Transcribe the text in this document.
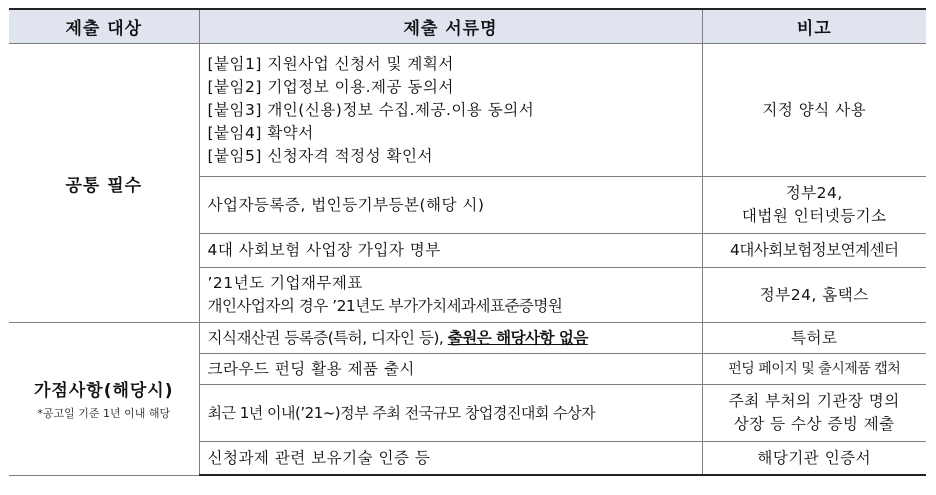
제출 대상	제출 서류명	비고

공통 필수	[붙임1] 지원사업 신청서 및 계획서
[붙임2] 기업정보 이용.제공 동의서
[붙임3] 개인(신용)정보 수집.제공.이용 동의서
[붙임4] 확약서
[붙임5] 신청자격 적정성 확인서	지정 양식 사용
	사업자등록증, 법인등기부등본(해당 시)	정부24,
대법원 인터넷등기소

	4대 사회보험 사업장 가입자 명부	4대사회보험정보연계센터

	’21년도 기업재무제표
개인사업자의 경우 ’21년도 부가가치세과세표준증명원	정부24, 홈택스

가점사항(해당시)
*공고일 기준 1년 이내 해당	지식재산권 등록증(특허, 디자인 등), 출원은 해당사항 없음	특허로
	크라우드 펀딩 활용 제품 출시	펀딩 페이지 및 출시제품 캡처
	최근 1년 이내(’21~)정부 주최 전국규모 창업경진대회 수상자	주최 부처의 기관장 명의
상장 등 수상 증빙 제출

	신청과제 관련 보유기술 인증 등	해당기관 인증서
